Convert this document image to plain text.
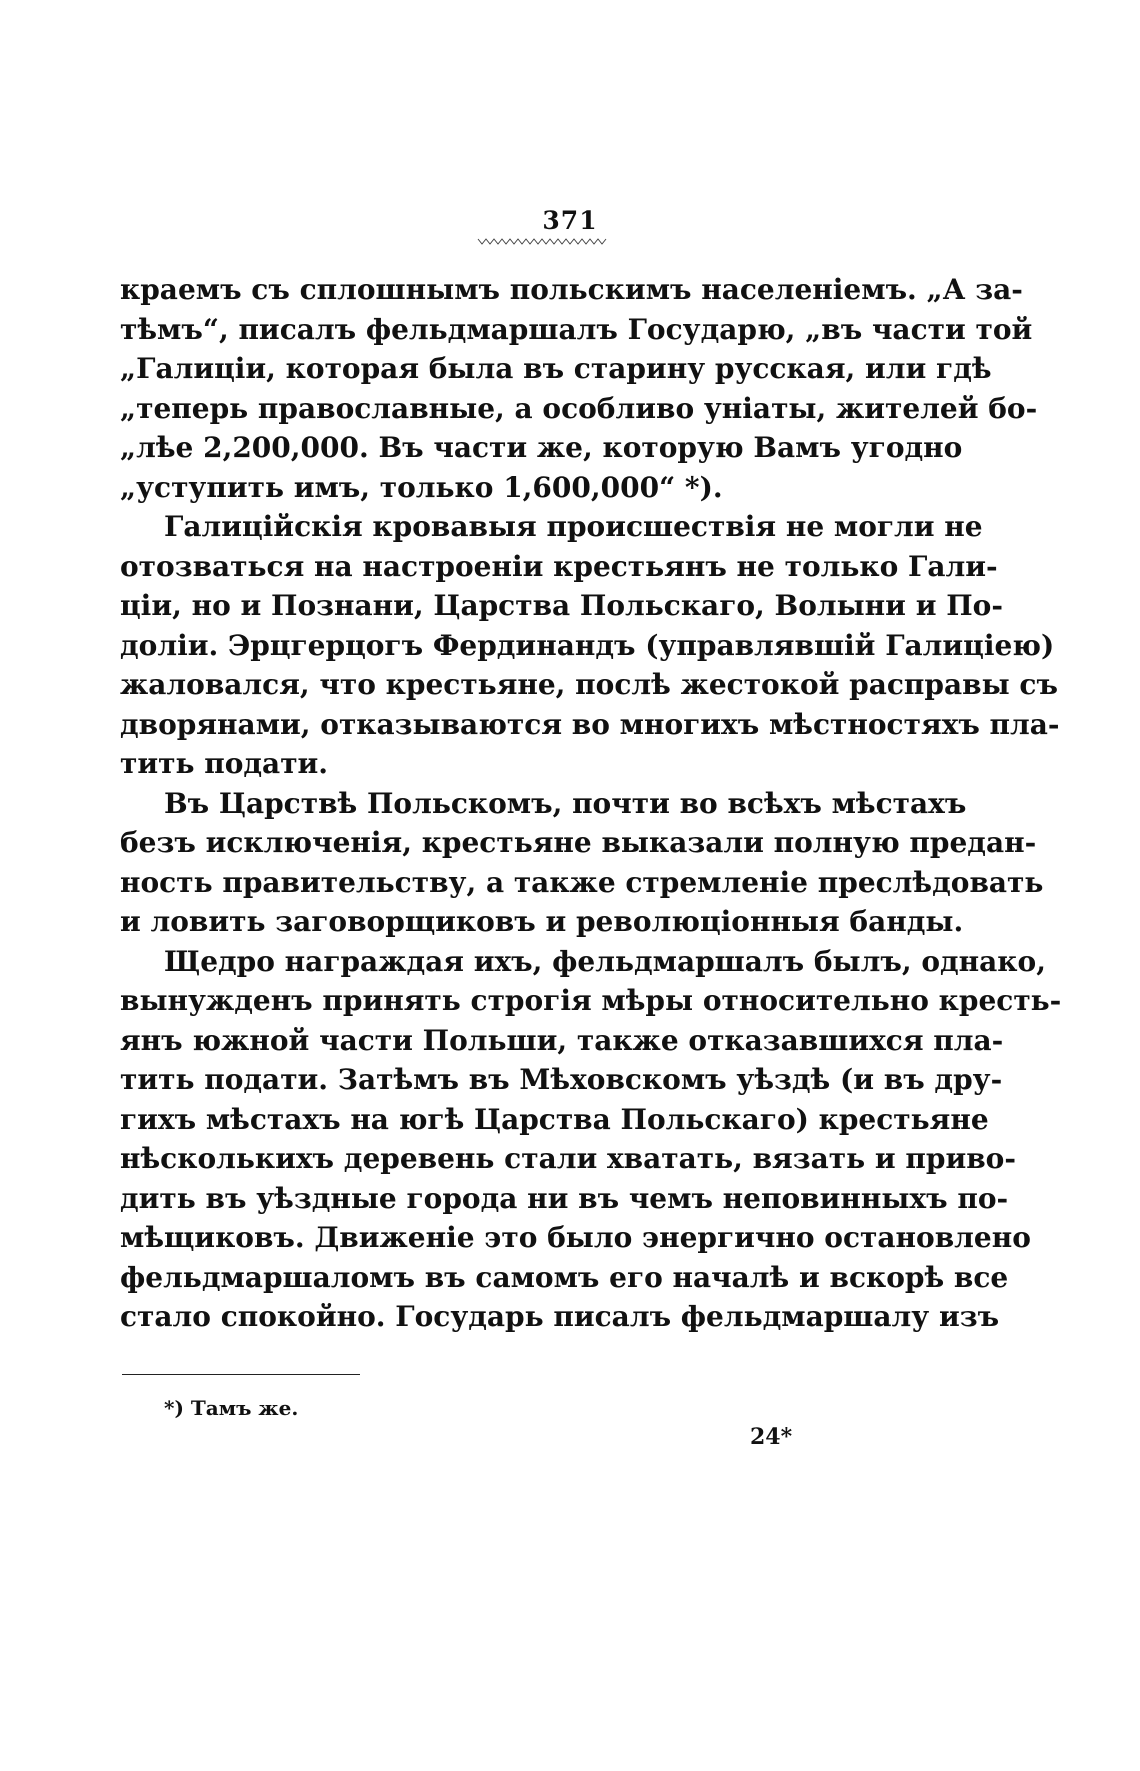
371
краемъ съ сплошнымъ польскимъ населенiемъ. „А за-
тѣмъ“, писалъ фельдмаршалъ Государю, „въ части той
„Галицiи, которая была въ старину русская, или гдѣ
„теперь православные, а особливо унiаты, жителей бо-
„лѣе 2,200,000. Въ части же, которую Вамъ угодно
„уступить имъ, только 1,600,000“ *).
Галицiйскiя кровавыя происшествiя не могли не
отозваться на настроенiи крестьянъ не только Гали-
цiи, но и Познани, Царства Польскаго, Волыни и По-
долiи. Эрцгерцогъ Фердинандъ (управлявшiй Галицiею)
жаловался, что крестьяне, послѣ жестокой расправы съ
дворянами, отказываются во многихъ мѣстностяхъ пла-
тить подати.
Въ Царствѣ Польскомъ, почти во всѣхъ мѣстахъ
безъ исключенiя, крестьяне выказали полную предан-
ность правительству, а также стремленiе преслѣдовать
и ловить заговорщиковъ и революцiонныя банды.
Щедро награждая ихъ, фельдмаршалъ былъ, однако,
вынужденъ принять строгiя мѣры относительно кресть-
янъ южной части Польши, также отказавшихся пла-
тить подати. Затѣмъ въ Мѣховскомъ уѣздѣ (и въ дру-
гихъ мѣстахъ на югѣ Царства Польскаго) крестьяне
нѣсколькихъ деревень стали хватать, вязать и приво-
дить въ уѣздные города ни въ чемъ неповинныхъ по-
мѣщиковъ. Движенiе это было энергично остановлено
фельдмаршаломъ въ самомъ его началѣ и вскорѣ все
стало спокойно. Государь писалъ фельдмаршалу изъ
*) Тамъ же.
24*
